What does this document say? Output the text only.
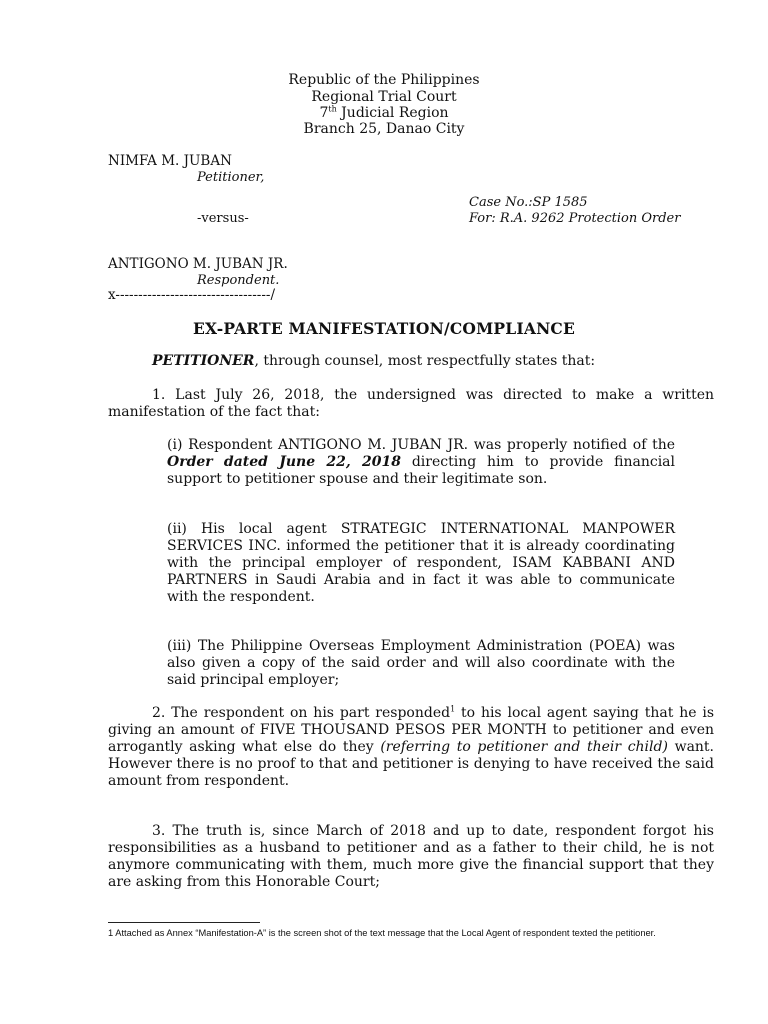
Republic of the Philippines
Regional Trial Court
7th Judicial Region
Branch 25, Danao City
NIMFA M. JUBAN
Petitioner,
Case No.:SP 1585
-versus-	For: R.A. 9262 Protection Order
ANTIGONO M. JUBAN JR.
Respondent.
x----------------------------------/
EX-PARTE MANIFESTATION/COMPLIANCE
PETITIONER, through counsel, most respectfully states that:
1. Last July 26, 2018, the undersigned was directed to make a written manifestation of the fact that:
(i) Respondent ANTIGONO M. JUBAN JR. was properly notified of the Order dated June 22, 2018 directing him to provide financial support to petitioner spouse and their legitimate son.
(ii) His local agent STRATEGIC INTERNATIONAL MANPOWER SERVICES INC. informed the petitioner that it is already coordinating with the principal employer of respondent, ISAM KABBANI AND PARTNERS in Saudi Arabia and in fact it was able to communicate with the respondent.
(iii) The Philippine Overseas Employment Administration (POEA) was also given a copy of the said order and will also coordinate with the said principal employer;
2. The respondent on his part responded$^1$ to his local agent saying that he is giving an amount of FIVE THOUSAND PESOS PER MONTH to petitioner and even arrogantly asking what else do they (referring to petitioner and their child) want. However there is no proof to that and petitioner is denying to have received the said amount from respondent.
3. The truth is, since March of 2018 and up to date, respondent forgot his responsibilities as a husband to petitioner and as a father to their child, he is not anymore communicating with them, much more give the financial support that they are asking from this Honorable Court;
1 Attached as Annex “Manifestation-A” is the screen shot of the text message that the Local Agent of respondent texted the petitioner.
